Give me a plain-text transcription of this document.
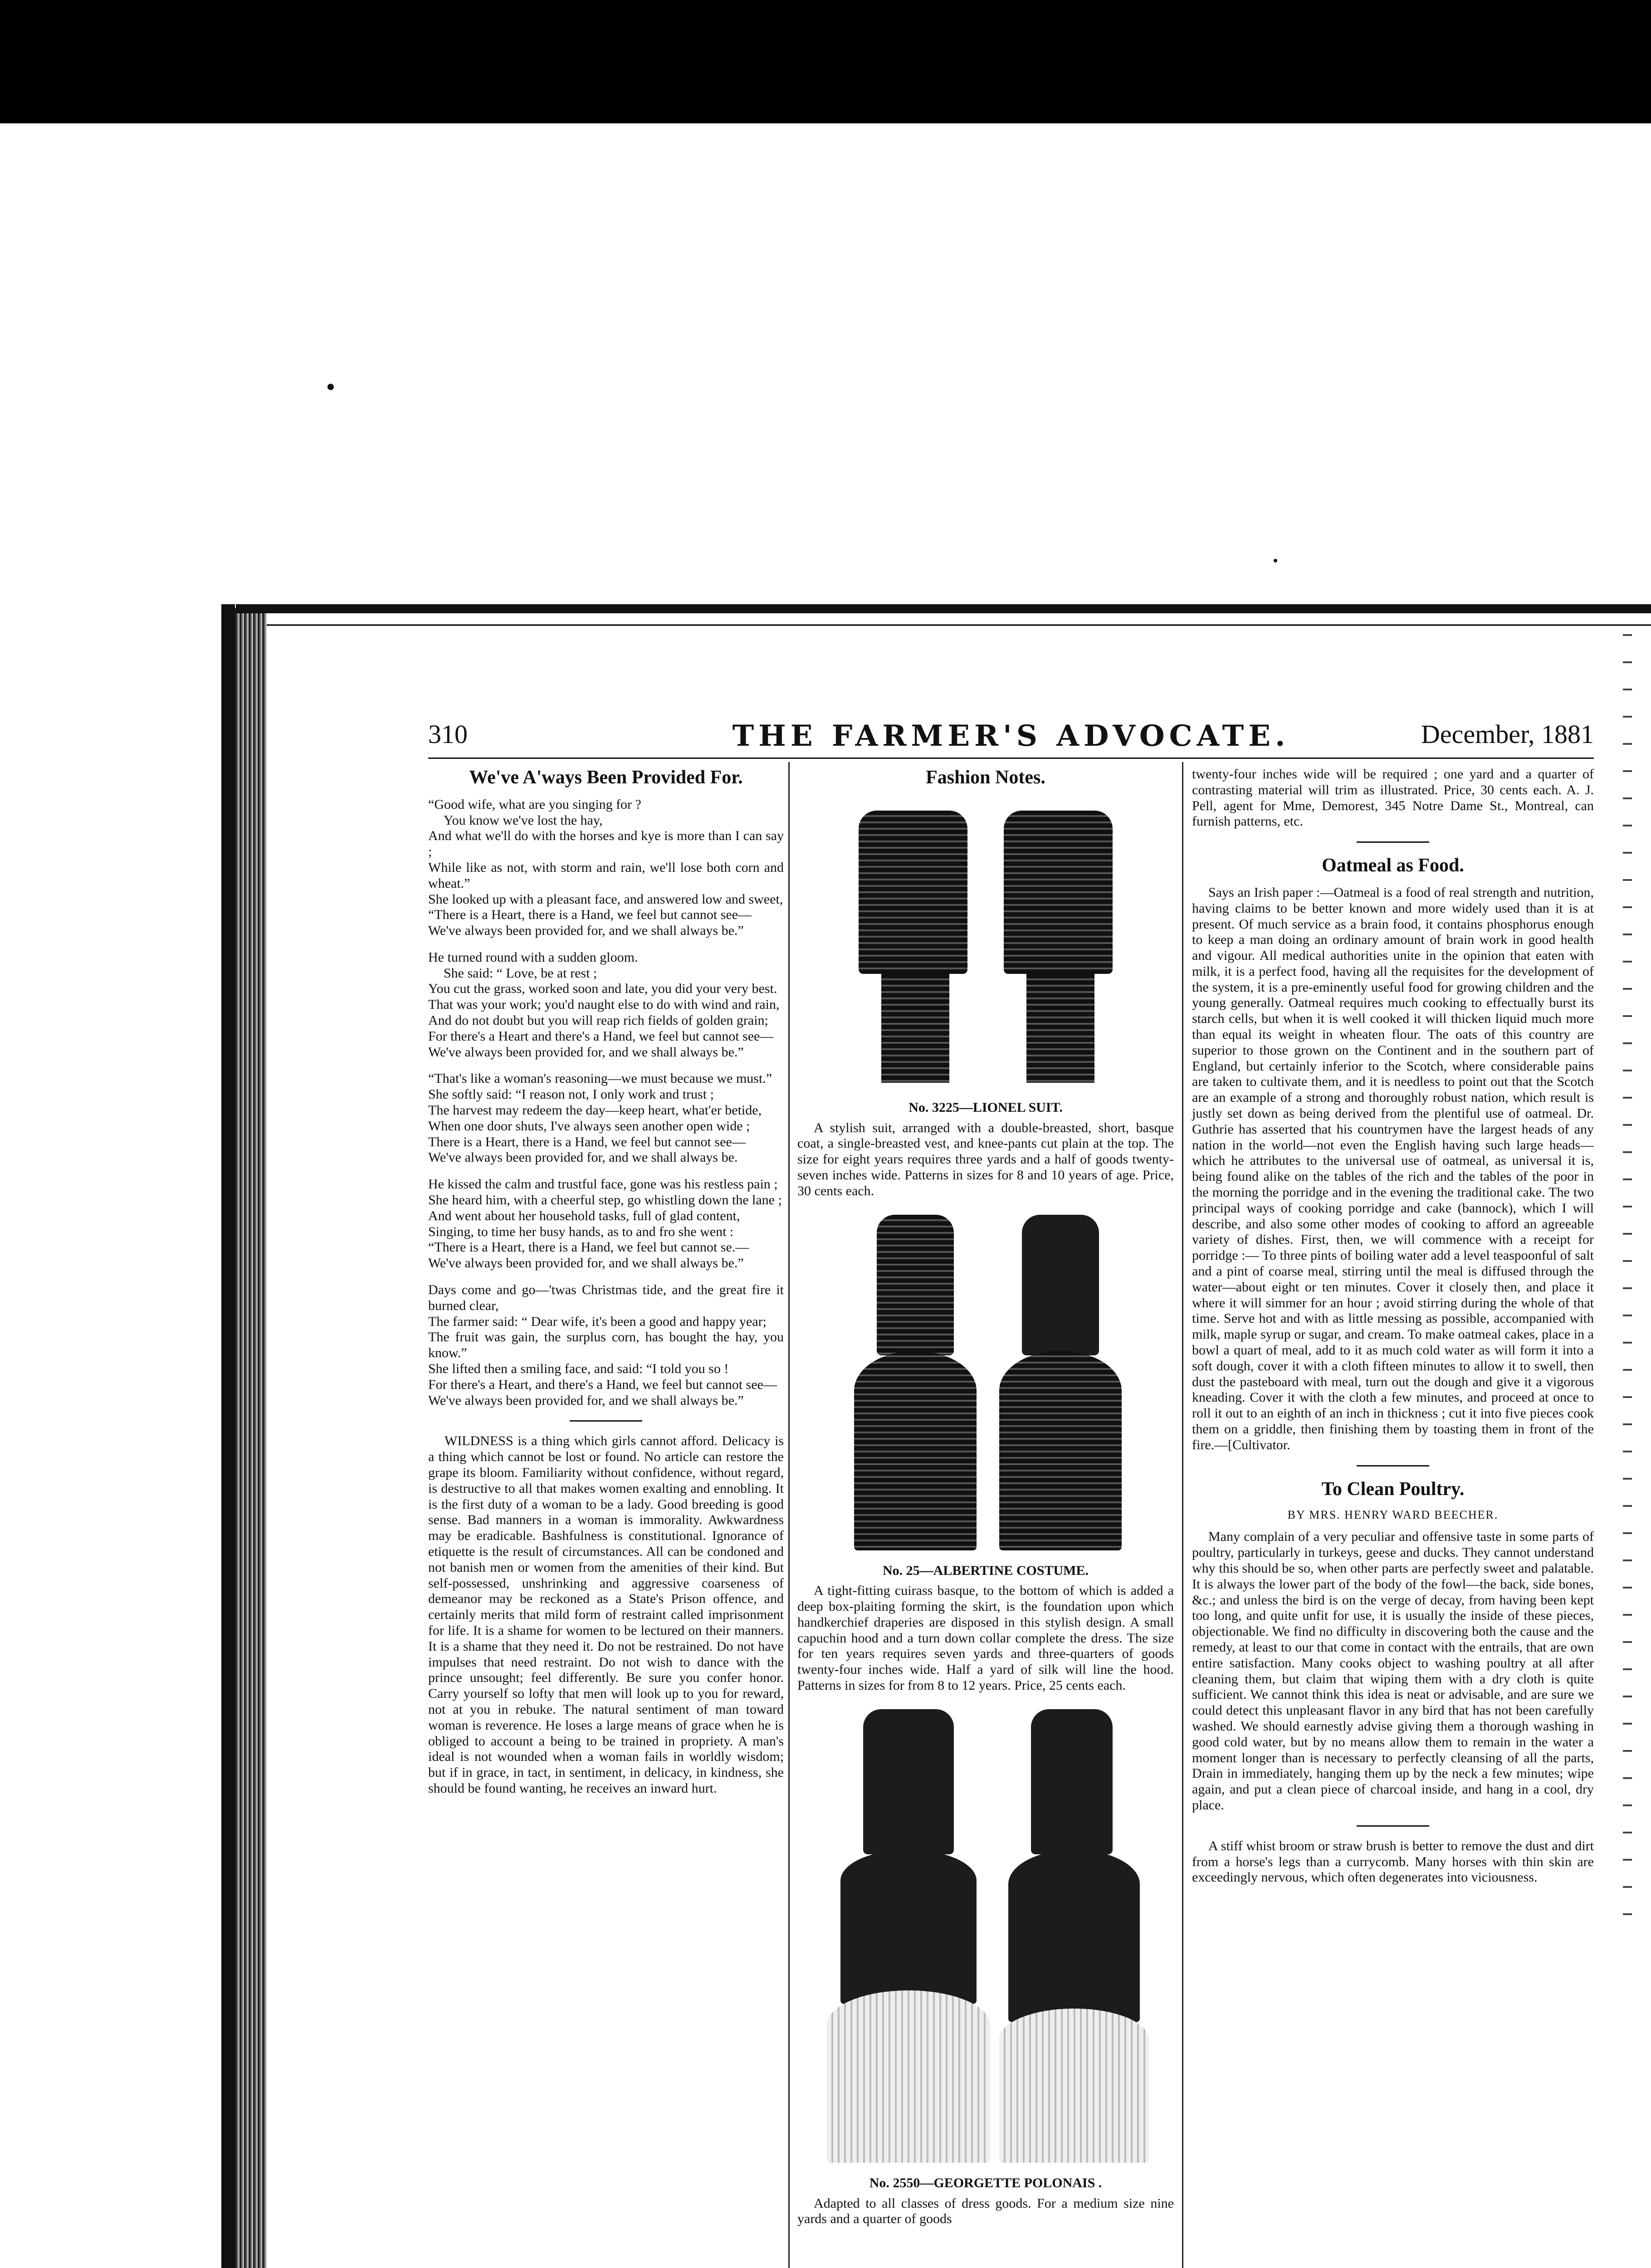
310	THE FARMER'S ADVOCATE.	December, 1881
We've A'ways Been Provided For.

“Good wife, what are you singing for ?

You know we've lost the hay,

And what we'll do with the horses and kye is more than I can say ;

While like as not, with storm and rain, we'll lose both corn and wheat.”

She looked up with a pleasant face, and answered low and sweet,

“There is a Heart, there is a Hand, we feel but cannot see—

We've always been provided for, and we shall always be.”

He turned round with a sudden gloom.

She said: “ Love, be at rest ;

You cut the grass, worked soon and late, you did your very best.

That was your work; you'd naught else to do with wind and rain,

And do not doubt but you will reap rich fields of golden grain;

For there's a Heart and there's a Hand, we feel but cannot see—

We've always been provided for, and we shall always be.”

“That's like a woman's reasoning—we must because we must.”

She softly said: “I reason not, I only work and trust ;

The harvest may redeem the day—keep heart, what'er betide,

When one door shuts, I've always seen another open wide ;

There is a Heart, there is a Hand, we feel but cannot see—

We've always been provided for, and we shall always be.

He kissed the calm and trustful face, gone was his restless pain ;

She heard him, with a cheerful step, go whistling down the lane ;

And went about her household tasks, full of glad content,

Singing, to time her busy hands, as to and fro she went :

“There is a Heart, there is a Hand, we feel but cannot se.—

We've always been provided for, and we shall always be.”

Days come and go—'twas Christmas tide, and the great fire it burned clear,

The farmer said: “ Dear wife, it's been a good and happy year;

The fruit was gain, the surplus corn, has bought the hay, you know.”

She lifted then a smiling face, and said: “I told you so !

For there's a Heart, and there's a Hand, we feel but cannot see—

We've always been provided for, and we shall always be.”

WILDNESS is a thing which girls cannot afford. Delicacy is a thing which cannot be lost or found. No article can restore the grape its bloom. Familiarity without confidence, without regard, is destructive to all that makes women exalting and ennobling. It is the first duty of a woman to be a lady. Good breeding is good sense. Bad manners in a woman is immorality. Awkwardness may be eradicable. Bashfulness is constitutional. Ignorance of etiquette is the result of circumstances. All can be condoned and not banish men or women from the amenities of their kind. But self-possessed, unshrinking and aggressive coarseness of demeanor may be reckoned as a State's Prison offence, and certainly merits that mild form of restraint called imprisonment for life. It is a shame for women to be lectured on their manners. It is a shame that they need it. Do not be restrained. Do not have impulses that need restraint. Do not wish to dance with the prince unsought; feel differently. Be sure you confer honor. Carry yourself so lofty that men will look up to you for reward, not at you in rebuke. The natural sentiment of man toward woman is reverence. He loses a large means of grace when he is obliged to account a being to be trained in propriety. A man's ideal is not wounded when a woman fails in worldly wisdom; but if in grace, in tact, in sentiment, in delicacy, in kindness, she should be found wanting, he receives an inward hurt.

Fashion Notes.
No. 3225—LIONEL SUIT.

A stylish suit, arranged with a double-breasted, short, basque coat, a single-breasted vest, and knee-pants cut plain at the top. The size for eight years requires three yards and a half of goods twenty-seven inches wide. Patterns in sizes for 8 and 10 years of age. Price, 30 cents each.

No. 25—ALBERTINE COSTUME.

A tight-fitting cuirass basque, to the bottom of which is added a deep box-plaiting forming the skirt, is the foundation upon which handkerchief draperies are disposed in this stylish design. A small capuchin hood and a turn down collar complete the dress. The size for ten years requires seven yards and three-quarters of goods twenty-four inches wide. Half a yard of silk will line the hood. Patterns in sizes for from 8 to 12 years. Price, 25 cents each.

No. 2550—GEORGETTE POLONAIS .

Adapted to all classes of dress goods. For a medium size nine yards and a quarter of goods

twenty-four inches wide will be required ; one yard and a quarter of contrasting material will trim as illustrated. Price, 30 cents each. A. J. Pell, agent for Mme, Demorest, 345 Notre Dame St., Montreal, can furnish patterns, etc.

Oatmeal as Food.

Says an Irish paper :—Oatmeal is a food of real strength and nutrition, having claims to be better known and more widely used than it is at present. Of much service as a brain food, it contains phosphorus enough to keep a man doing an ordinary amount of brain work in good health and vigour. All medical authorities unite in the opinion that eaten with milk, it is a perfect food, having all the requisites for the development of the system, it is a pre-eminently useful food for growing children and the young generally. Oatmeal requires much cooking to effectually burst its starch cells, but when it is well cooked it will thicken liquid much more than equal its weight in wheaten flour. The oats of this country are superior to those grown on the Continent and in the southern part of England, but certainly inferior to the Scotch, where considerable pains are taken to cultivate them, and it is needless to point out that the Scotch are an example of a strong and thoroughly robust nation, which result is justly set down as being derived from the plentiful use of oatmeal. Dr. Guthrie has asserted that his countrymen have the largest heads of any nation in the world—not even the English having such large heads—which he attributes to the universal use of oatmeal, as universal it is, being found alike on the tables of the rich and the tables of the poor in the morning the porridge and in the evening the traditional cake. The two principal ways of cooking porridge and cake (bannock), which I will describe, and also some other modes of cooking to afford an agreeable variety of dishes. First, then, we will commence with a receipt for porridge :— To three pints of boiling water add a level teaspoonful of salt and a pint of coarse meal, stirring until the meal is diffused through the water—about eight or ten minutes. Cover it closely then, and place it where it will simmer for an hour ; avoid stirring during the whole of that time. Serve hot and with as little messing as possible, accompanied with milk, maple syrup or sugar, and cream. To make oatmeal cakes, place in a bowl a quart of meal, add to it as much cold water as will form it into a soft dough, cover it with a cloth fifteen minutes to allow it to swell, then dust the pasteboard with meal, turn out the dough and give it a vigorous kneading. Cover it with the cloth a few minutes, and proceed at once to roll it out to an eighth of an inch in thickness ; cut it into five pieces cook them on a griddle, then finishing them by toasting them in front of the fire.—[Cultivator.

To Clean Poultry.
BY MRS. HENRY WARD BEECHER.

Many complain of a very peculiar and offensive taste in some parts of poultry, particularly in turkeys, geese and ducks. They cannot understand why this should be so, when other parts are perfectly sweet and palatable. It is always the lower part of the body of the fowl—the back, side bones, &c.; and unless the bird is on the verge of decay, from having been kept too long, and quite unfit for use, it is usually the inside of these pieces, objectionable. We find no difficulty in discovering both the cause and the remedy, at least to our that come in contact with the entrails, that are own entire satisfaction. Many cooks object to washing poultry at all after cleaning them, but claim that wiping them with a dry cloth is quite sufficient. We cannot think this idea is neat or advisable, and are sure we could detect this unpleasant flavor in any bird that has not been carefully washed. We should earnestly advise giving them a thorough washing in good cold water, but by no means allow them to remain in the water a moment longer than is necessary to perfectly cleansing of all the parts, Drain in immediately, hanging them up by the neck a few minutes; wipe again, and put a clean piece of charcoal inside, and hang in a cool, dry place.

A stiff whist broom or straw brush is better to remove the dust and dirt from a horse's legs than a currycomb. Many horses with thin skin are exceedingly nervous, which often degenerates into viciousness.
